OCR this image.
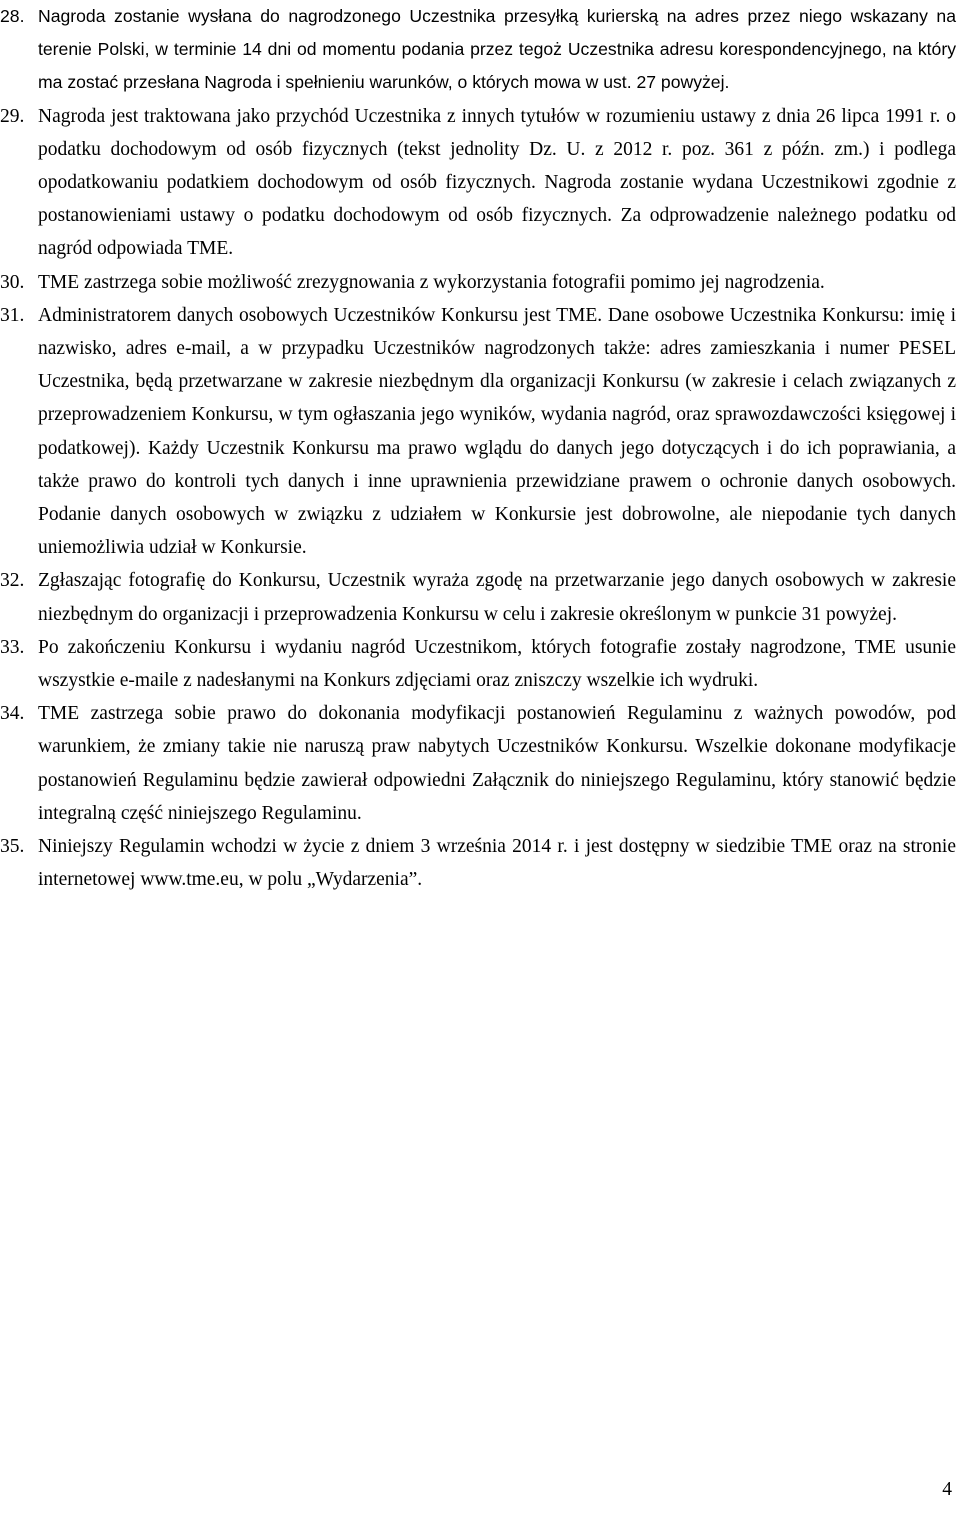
28. Nagroda zostanie wysłana do nagrodzonego Uczestnika przesyłką kurierską na adres przez niego wskazany na terenie Polski, w terminie 14 dni od momentu podania przez tegoż Uczestnika adresu korespondencyjnego, na który ma zostać przesłana Nagroda i spełnieniu warunków, o których mowa w ust. 27 powyżej.
29. Nagroda jest traktowana jako przychód Uczestnika z innych tytułów w rozumieniu ustawy z dnia 26 lipca 1991 r. o podatku dochodowym od osób fizycznych (tekst jednolity Dz. U. z 2012 r. poz. 361 z późn. zm.) i podlega opodatkowaniu podatkiem dochodowym od osób fizycznych. Nagroda zostanie wydana Uczestnikowi zgodnie z postanowieniami ustawy o podatku dochodowym od osób fizycznych. Za odprowadzenie należnego podatku od nagród odpowiada TME.
30. TME zastrzega sobie możliwość zrezygnowania z wykorzystania fotografii pomimo jej nagrodzenia.
31. Administratorem danych osobowych Uczestników Konkursu jest TME. Dane osobowe Uczestnika Konkursu: imię i nazwisko, adres e-mail, a w przypadku Uczestników nagrodzonych także: adres zamieszkania i numer PESEL Uczestnika, będą przetwarzane w zakresie niezbędnym dla organizacji Konkursu (w zakresie i celach związanych z przeprowadzeniem Konkursu, w tym ogłaszania jego wyników, wydania nagród, oraz sprawozdawczości księgowej i podatkowej). Każdy Uczestnik Konkursu ma prawo wglądu do danych jego dotyczących i do ich poprawiania, a także prawo do kontroli tych danych i inne uprawnienia przewidziane prawem o ochronie danych osobowych. Podanie danych osobowych w związku z udziałem w Konkursie jest dobrowolne, ale niepodanie tych danych uniemożliwia udział w Konkursie.
32. Zgłaszając fotografię do Konkursu, Uczestnik wyraża zgodę na przetwarzanie jego danych osobowych w zakresie niezbędnym do organizacji i przeprowadzenia Konkursu w celu i zakresie określonym w punkcie 31 powyżej.
33. Po zakończeniu Konkursu i wydaniu nagród Uczestnikom, których fotografie zostały nagrodzone, TME usunie wszystkie e-maile z nadesłanymi na Konkurs zdjęciami oraz zniszczy wszelkie ich wydruki.
34. TME zastrzega sobie prawo do dokonania modyfikacji postanowień Regulaminu z ważnych powodów, pod warunkiem, że zmiany takie nie naruszą praw nabytych Uczestników Konkursu. Wszelkie dokonane modyfikacje postanowień Regulaminu będzie zawierał odpowiedni Załącznik do niniejszego Regulaminu, który stanowić będzie integralną część niniejszego Regulaminu.
35. Niniejszy Regulamin wchodzi w życie z dniem 3 września 2014 r. i jest dostępny w siedzibie TME oraz na stronie internetowej www.tme.eu, w polu „Wydarzenia”.
4
